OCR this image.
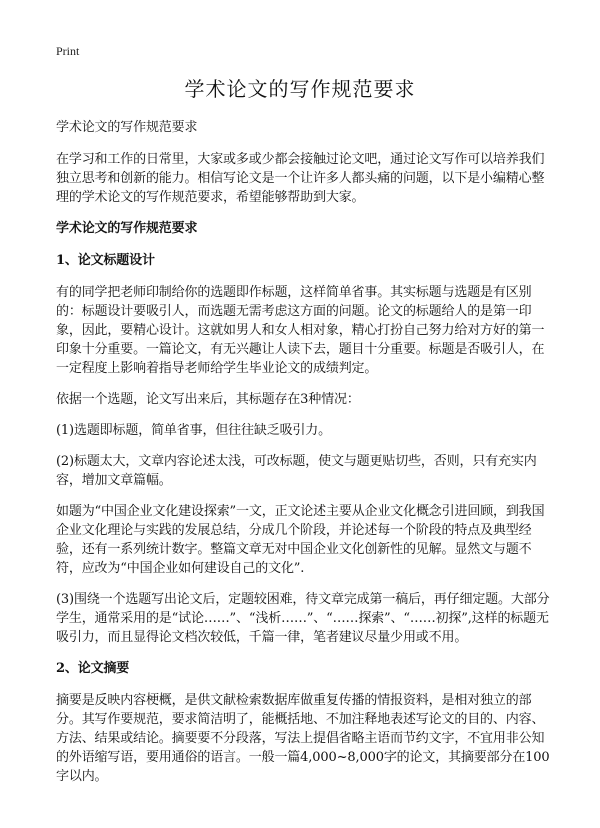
Print
学术论文的写作规范要求

学术论文的写作规范要求

在学习和工作的日常里，大家或多或少都会接触过论文吧，通过论文写作可以培养我们独立思考和创新的能力。相信写论文是一个让许多人都头痛的问题，以下是小编精心整理的学术论文的写作规范要求，希望能够帮助到大家。

学术论文的写作规范要求

1、论文标题设计

有的同学把老师印制给你的选题即作标题，这样简单省事。其实标题与选题是有区别的：标题设计要吸引人，而选题无需考虑这方面的问题。论文的标题给人的是第一印象，因此，要精心设计。这就如男人和女人相对象，精心打扮自己努力给对方好的第一印象十分重要。一篇论文，有无兴趣让人读下去，题目十分重要。标题是否吸引人，在一定程度上影响着指导老师给学生毕业论文的成绩判定。

依据一个选题，论文写出来后，其标题存在3种情况：

(1)选题即标题，简单省事，但往往缺乏吸引力。

(2)标题太大，文章内容论述太浅，可改标题，使文与题更贴切些，否则，只有充实内容，增加文章篇幅。

如题为“中国企业文化建设探索”一文，正文论述主要从企业文化概念引进回顾，到我国企业文化理论与实践的发展总结，分成几个阶段，并论述每一个阶段的特点及典型经验，还有一系列统计数字。整篇文章无对中国企业文化创新性的见解。显然文与题不符，应改为“中国企业如何建设自己的文化”.

(3)围绕一个选题写出论文后，定题较困难，待文章完成第一稿后，再仔细定题。大部分学生，通常采用的是“试论……”、“浅析……”、“……探索”、“……初探”,这样的标题无吸引力，而且显得论文档次较低，千篇一律，笔者建议尽量少用或不用。

2、论文摘要

摘要是反映内容梗概，是供文献检索数据库做重复传播的情报资料，是相对独立的部分。其写作要规范，要求简洁明了，能概括地、不加注释地表述写论文的目的、内容、方法、结果或结论。摘要要不分段落，写法上提倡省略主语而节约文字，不宜用非公知的外语缩写语，要用通俗的语言。一般一篇4,000~8,000字的论文，其摘要部分在100字以内。
